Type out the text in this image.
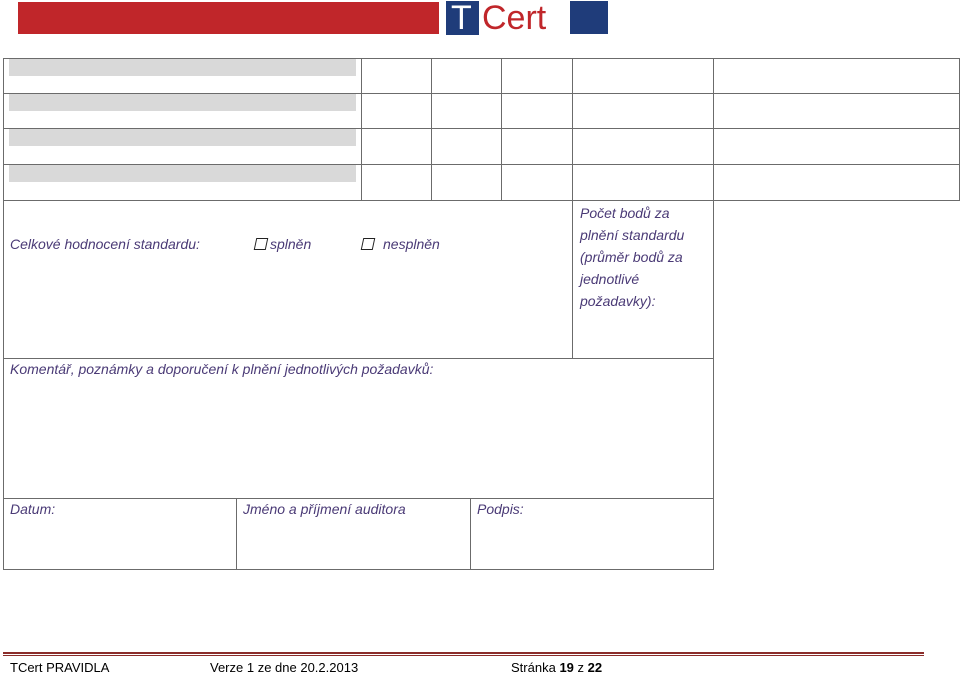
T Cert
Celkové hodnocení standardu:	splněn	nesplněn
Počet bodů za
plnění standardu
(průměr bodů za
jednotlivé
požadavky):
Komentář, poznámky a doporučení k plnění jednotlivých požadavků:
Datum:	Jméno a příjmení auditora	Podpis:
TCert PRAVIDLA	Verze 1 ze dne 20.2.2013	Stránka 19 z 22
